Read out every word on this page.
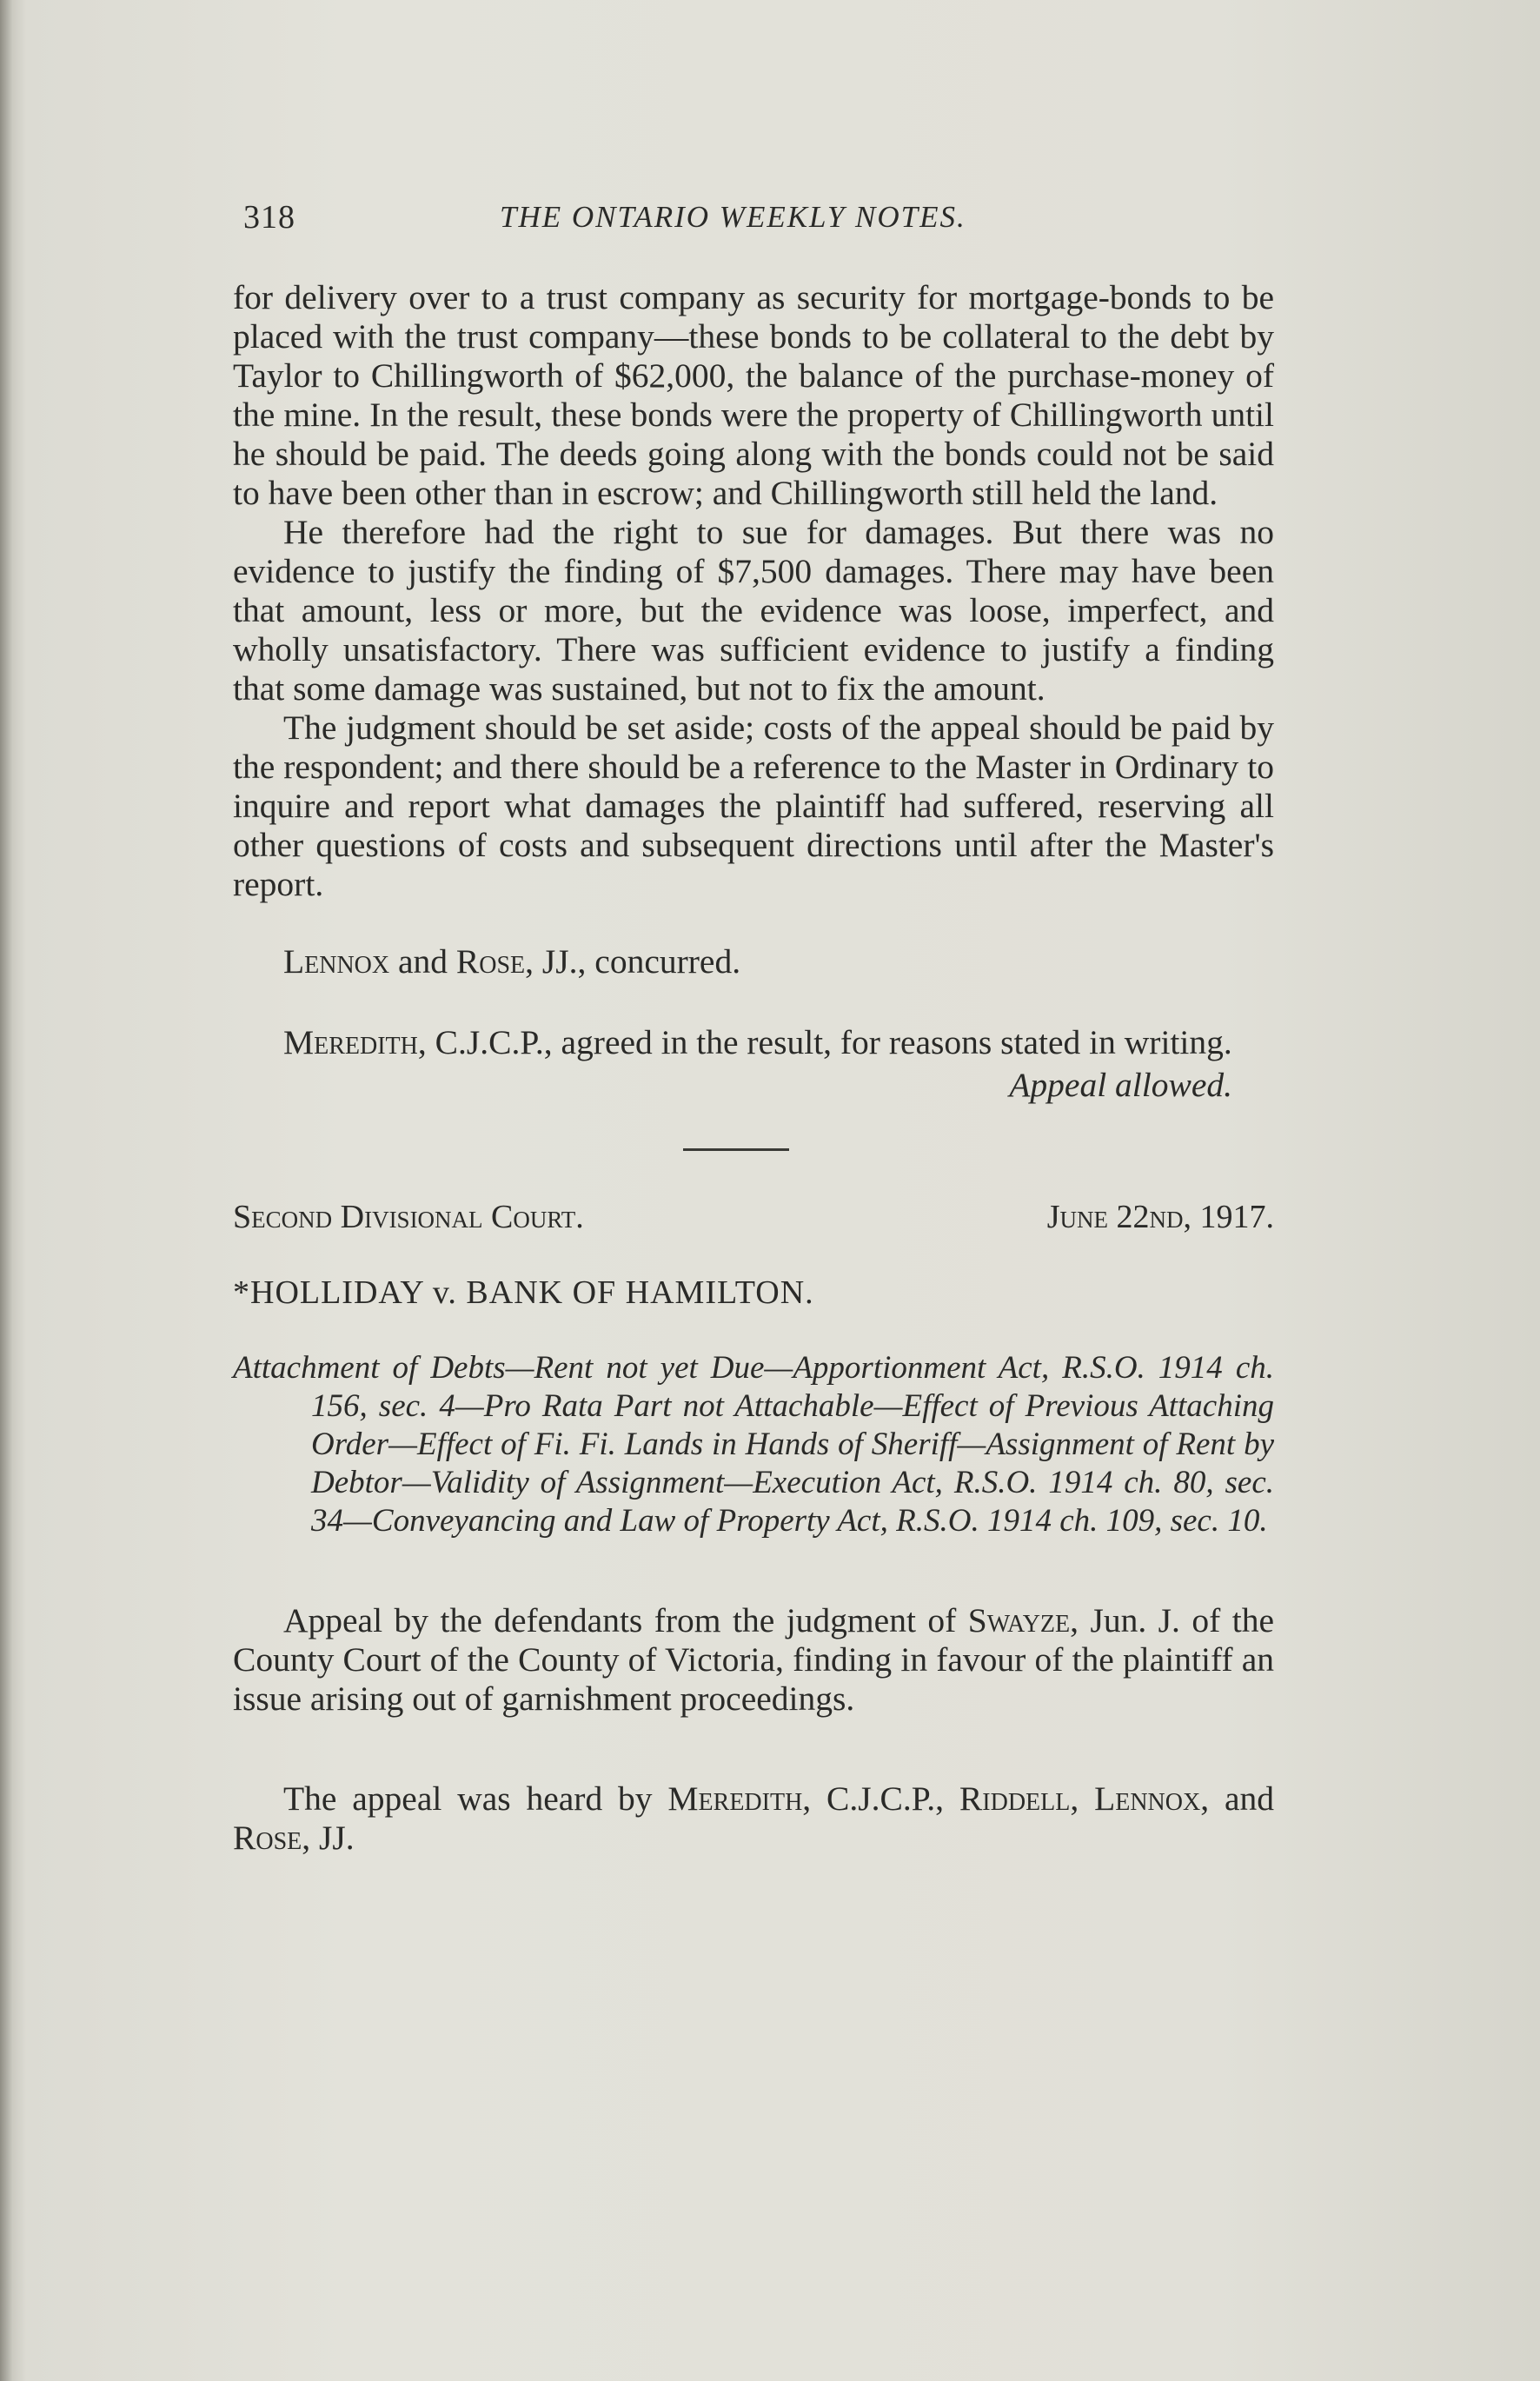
318	THE ONTARIO WEEKLY NOTES.

for delivery over to a trust company as security for mortgage-bonds to be placed with the trust company—these bonds to be collateral to the debt by Taylor to Chillingworth of $62,000, the balance of the purchase-money of the mine. In the result, these bonds were the property of Chillingworth until he should be paid. The deeds going along with the bonds could not be said to have been other than in escrow; and Chillingworth still held the land.

He therefore had the right to sue for damages. But there was no evidence to justify the finding of $7,500 damages. There may have been that amount, less or more, but the evidence was loose, imperfect, and wholly unsatisfactory. There was sufficient evidence to justify a finding that some damage was sustained, but not to fix the amount.

The judgment should be set aside; costs of the appeal should be paid by the respondent; and there should be a reference to the Master in Ordinary to inquire and report what damages the plaintiff had suffered, reserving all other questions of costs and subsequent directions until after the Master's report.

Lennox and Rose, JJ., concurred.

Meredith, C.J.C.P., agreed in the result, for reasons stated in writing.

Appeal allowed.

Second Divisional Court.	June 22nd, 1917.

*HOLLIDAY v. BANK OF HAMILTON.

Attachment of Debts—Rent not yet Due—Apportionment Act, R.S.O. 1914 ch. 156, sec. 4—Pro Rata Part not Attachable—Effect of Previous Attaching Order—Effect of Fi. Fi. Lands in Hands of Sheriff—Assignment of Rent by Debtor—Validity of Assignment—Execution Act, R.S.O. 1914 ch. 80, sec. 34—Conveyancing and Law of Property Act, R.S.O. 1914 ch. 109, sec. 10.

Appeal by the defendants from the judgment of Swayze, Jun. J. of the County Court of the County of Victoria, finding in favour of the plaintiff an issue arising out of garnishment proceedings.

The appeal was heard by Meredith, C.J.C.P., Riddell, Lennox, and Rose, JJ.
